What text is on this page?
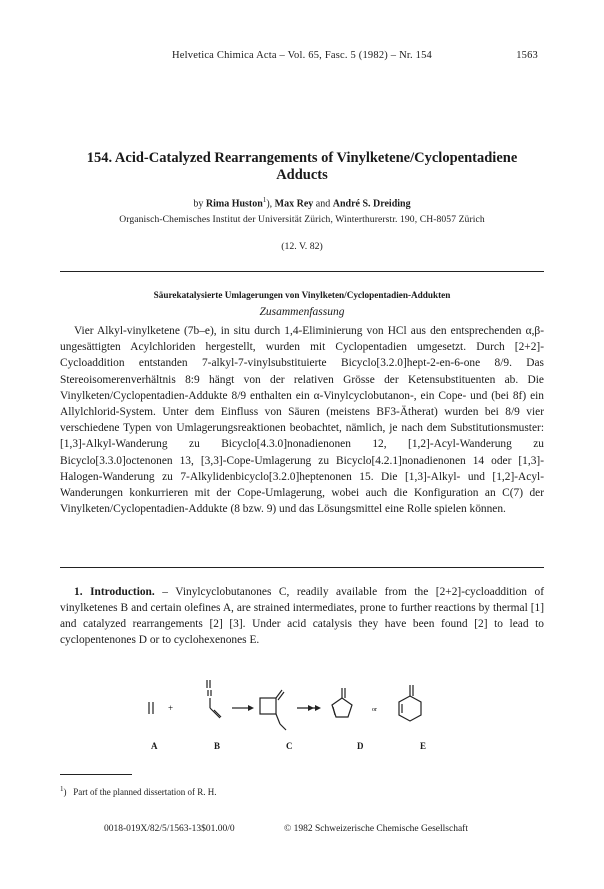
Helvetica Chimica Acta – Vol. 65, Fasc. 5 (1982) – Nr. 154	1563
154. Acid-Catalyzed Rearrangements of Vinylketene/Cyclopentadiene
Adducts
by Rima Huston$^1$), Max Rey and André S. Dreiding
Organisch-Chemisches Institut der Universität Zürich, Winterthurerstr. 190, CH-8057 Zürich
(12. V. 82)
Säurekatalysierte Umlagerungen von Vinylketen/Cyclopentadien-Addukten
Zusammenfassung

Vier Alkyl-vinylketene (7b–e), in situ durch 1,4-Eliminierung von HCl aus den entsprechenden α,β-ungesättigten Acylchloriden hergestellt, wurden mit Cyclopentadien umgesetzt. Durch [2+2]-Cycloaddition entstanden 7-alkyl-7-vinylsubstituierte Bicyclo[3.2.0]hept-2-en-6-one 8/9. Das Stereoisomerenverhältnis 8:9 hängt von der relativen Grösse der Ketensubstituenten ab. Die Vinylketen/Cyclopentadien-Addukte 8/9 enthalten ein α-Vinylcyclobutanon-, ein Cope- und (bei 8f) ein Allylchlorid-System. Unter dem Einfluss von Säuren (meistens BF3-Ätherat) wurden bei 8/9 vier verschiedene Typen von Umlagerungsreaktionen beobachtet, nämlich, je nach dem Substitutionsmuster: [1,3]-Alkyl-Wanderung zu Bicyclo[4.3.0]nonadienonen 12, [1,2]-Acyl-Wanderung zu Bicyclo[3.3.0]octenonen 13, [3,3]-Cope-Umlagerung zu Bicyclo[4.2.1]nonadienonen 14 oder [1,3]-Halogen-Wanderung zu 7-Alkylidenbicyclo[3.2.0]heptenonen 15. Die [1,3]-Alkyl- und [1,2]-Acyl-Wanderungen konkurrieren mit der Cope-Umlagerung, wobei auch die Konfiguration an C(7) der Vinylketen/Cyclopentadien-Addukte (8 bzw. 9) und das Lösungsmittel eine Rolle spielen können.

1. Introduction. – Vinylcyclobutanones C, readily available from the [2+2]-cycloaddition of vinylketenes B and certain olefines A, are strained intermediates, prone to further reactions by thermal [1] and catalyzed rearrangements [2] [3]. Under acid catalysis they have been found [2] to lead to cyclopentenones D or to cyclohexenones E.

+	or
A	B	C	D	E
$^1$)   Part of the planned dissertation of R. H.
0018-019X/82/5/1563-13$01.00/0	© 1982 Schweizerische Chemische Gesellschaft
